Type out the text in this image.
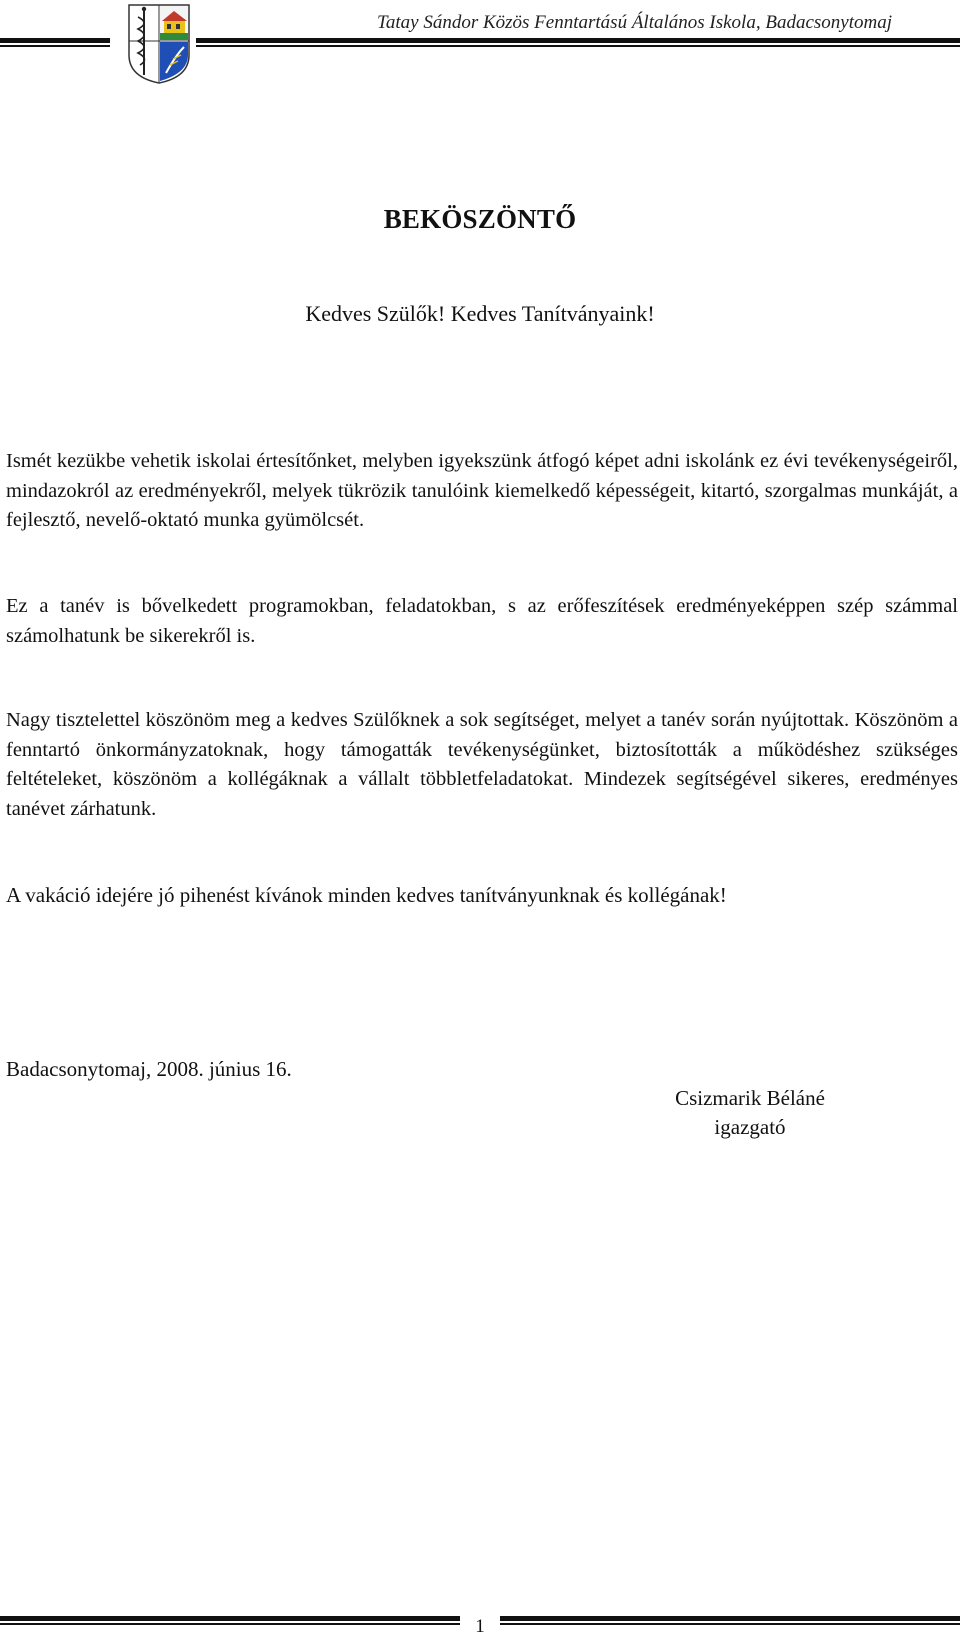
Tatay Sándor Közös Fenntartású Általános Iskola, Badacsonytomaj
BEKÖSZÖNTŐ
Kedves Szülők! Kedves Tanítványaink!

Ismét kezükbe vehetik iskolai értesítőnket, melyben igyekszünk átfogó képet adni iskolánk ez évi tevékenységeiről, mindazokról az eredményekről, melyek tükrözik tanulóink kiemelkedő képességeit, kitartó, szorgalmas munkáját, a fejlesztő, nevelő-oktató munka gyümölcsét.

Ez a tanév is bővelkedett programokban, feladatokban, s az erőfeszítések eredményeképpen szép számmal számolhatunk be sikerekről is.

Nagy tisztelettel köszönöm meg a kedves Szülőknek a sok segítséget, melyet a tanév során nyújtottak. Köszönöm a fenntartó önkormányzatoknak, hogy támogatták tevékenységünket, biztosították a működéshez szükséges feltételeket, köszönöm a kollégáknak a vállalt többletfeladatokat. Mindezek segítségével sikeres, eredményes tanévet zárhatunk.

A vakáció idejére jó pihenést kívánok minden kedves tanítványunknak és kollégának!

Badacsonytomaj, 2008. június 16.
Csizmarik Béláné
igazgató
1
